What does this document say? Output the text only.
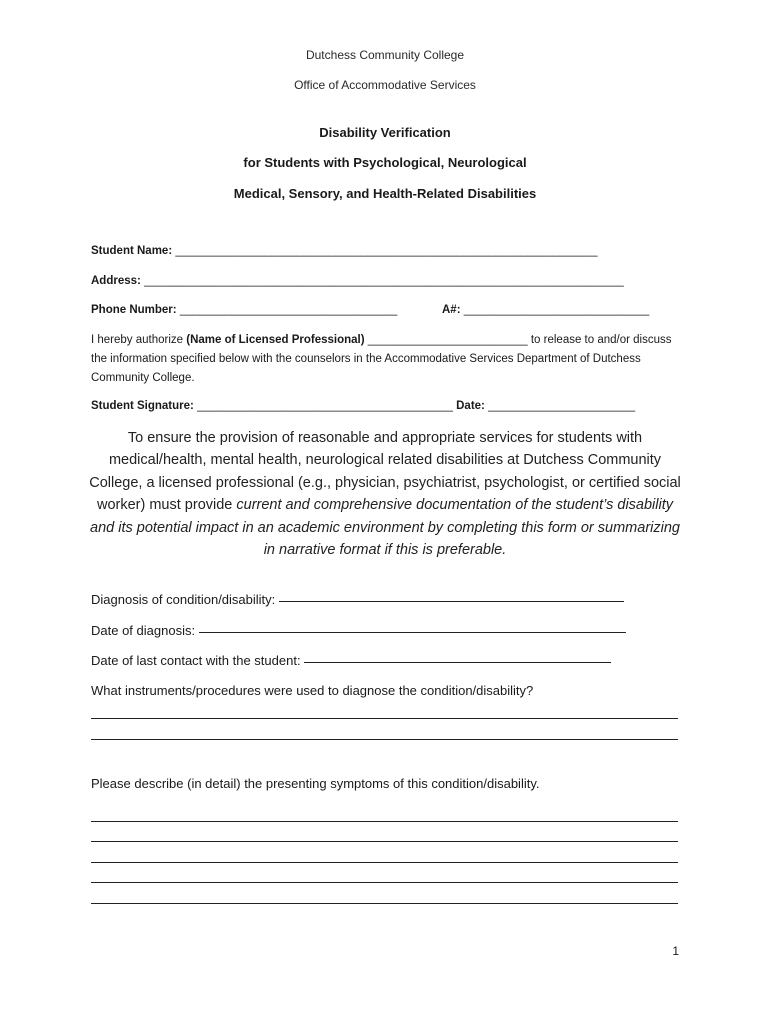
Dutchess Community College
Office of Accommodative Services
Disability Verification
for Students with Psychological, Neurological
Medical, Sensory, and Health-Related Disabilities
Student Name: __________________________________________________________________
Address: ___________________________________________________________________________
Phone Number: __________________________________	A#: _____________________________
I hereby authorize (Name of Licensed Professional) _________________________ to release to and/or discuss the information specified below with the counselors in the Accommodative Services Department of Dutchess Community College.
Student Signature: ________________________________________ Date: _______________________
To ensure the provision of reasonable and appropriate services for students with medical/health, mental health, neurological related disabilities at Dutchess Community College, a licensed professional (e.g., physician, psychiatrist, psychologist, or certified social worker) must provide current and comprehensive documentation of the student’s disability and its potential impact in an academic environment by completing this form or summarizing in narrative format if this is preferable.
Diagnosis of condition/disability:
Date of diagnosis:
Date of last contact with the student:
What instruments/procedures were used to diagnose the condition/disability?
Please describe (in detail) the presenting symptoms of this condition/disability.
1
